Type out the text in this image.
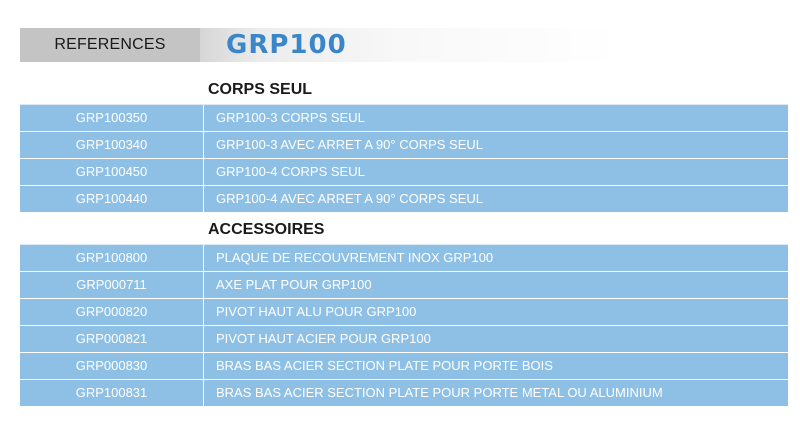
REFERENCES	GRP100
CORPS SEUL
GRP100350	GRP100-3 CORPS SEUL
GRP100340	GRP100-3 AVEC ARRET A 90° CORPS SEUL
GRP100450	GRP100-4 CORPS SEUL
GRP100440	GRP100-4 AVEC ARRET A 90° CORPS SEUL
ACCESSOIRES
GRP100800	PLAQUE DE RECOUVREMENT INOX GRP100
GRP000711	AXE PLAT POUR GRP100
GRP000820	PIVOT HAUT ALU POUR GRP100
GRP000821	PIVOT HAUT ACIER POUR GRP100
GRP000830	BRAS BAS ACIER SECTION PLATE POUR PORTE BOIS
GRP100831	BRAS BAS ACIER SECTION PLATE POUR PORTE METAL OU ALUMINIUM
